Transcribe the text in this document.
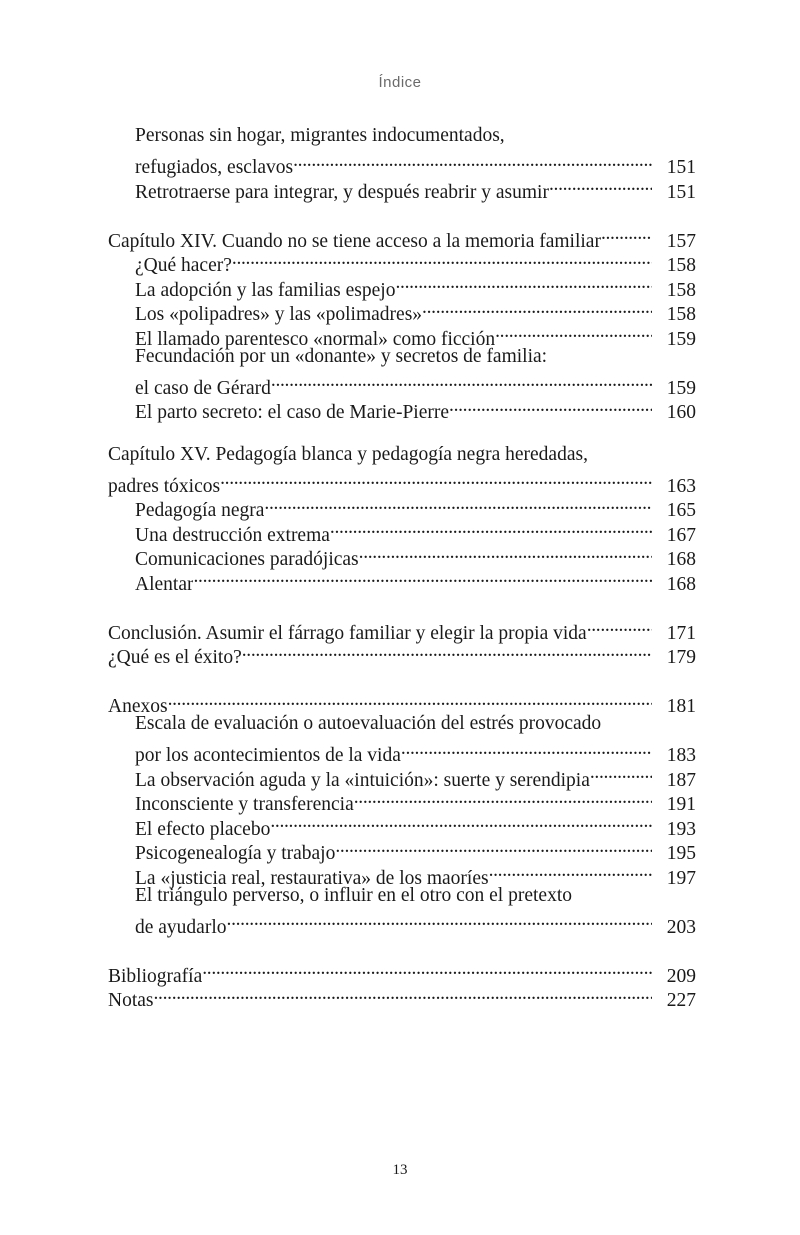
Índice
Personas sin hogar, migrantes indocumentados,
refugiados, esclavos . . .	151
Retrotraerse para integrar, y después reabrir y asumir . . .	151
Capítulo XIV. Cuando no se tiene acceso a la memoria familiar . . .	157
¿Qué hacer? . . .	158
La adopción y las familias espejo . . .	158
Los «polipadres» y las «polimadres» . . .	158
El llamado parentesco «normal» como ficción . . .	159
Fecundación por un «donante» y secretos de familia:
el caso de Gérard . . .	159
El parto secreto: el caso de Marie-Pierre . . .	160
Capítulo XV. Pedagogía blanca y pedagogía negra heredadas,
padres tóxicos . . .	163
Pedagogía negra . . .	165
Una destrucción extrema . . .	167
Comunicaciones paradójicas . . .	168
Alentar . . .	168
Conclusión. Asumir el fárrago familiar y elegir la propia vida . . .	171
¿Qué es el éxito? . . .	179
Anexos . . .	181
Escala de evaluación o autoevaluación del estrés provocado
por los acontecimientos de la vida . . .	183
La observación aguda y la «intuición»: suerte y serendipia . . .	187
Inconsciente y transferencia . . .	191
El efecto placebo . . .	193
Psicogenealogía y trabajo . . .	195
La «justicia real, restaurativa» de los maoríes . . .	197
El triángulo perverso, o influir en el otro con el pretexto
de ayudarlo . . .	203
Bibliografía . . .	209
Notas . . .	227
13
